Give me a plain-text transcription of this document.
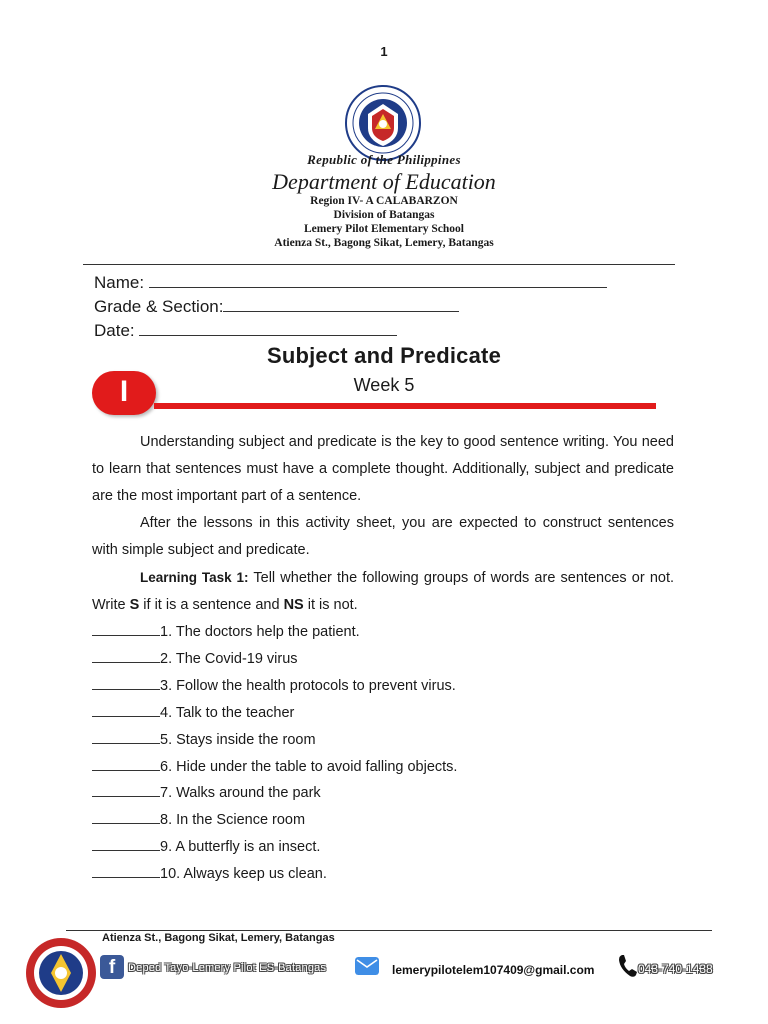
1
Republic of the Philippines
Department of Education
Region IV- A CALABARZON
Division of Batangas
Lemery Pilot Elementary School
Atienza St., Bagong Sikat, Lemery, Batangas
Name:
Grade & Section:
Date:
Subject and Predicate
Week 5
I

Understanding subject and predicate is the key to good sentence writing. You need to learn that sentences must have a complete thought. Additionally, subject and predicate are the most important part of a sentence.

After the lessons in this activity sheet, you are expected to construct sentences with simple subject and predicate.

Learning Task 1: Tell whether the following groups of words are sentences or not. Write S if it is a sentence and NS it is not.

1. The doctors help the patient.
2. The Covid-19 virus
3. Follow the health protocols to prevent virus.
4. Talk to the teacher
5. Stays inside the room
6. Hide under the table to avoid falling objects.
7. Walks around the park
8. In the Science room
9. A butterfly is an insect.
10. Always keep us clean.
Atienza St., Bagong Sikat, Lemery, Batangas
f	Deped Tayo-Lemery Pilot ES-Batangas	lemerypilotelem107409@gmail.com	043-740-1438
